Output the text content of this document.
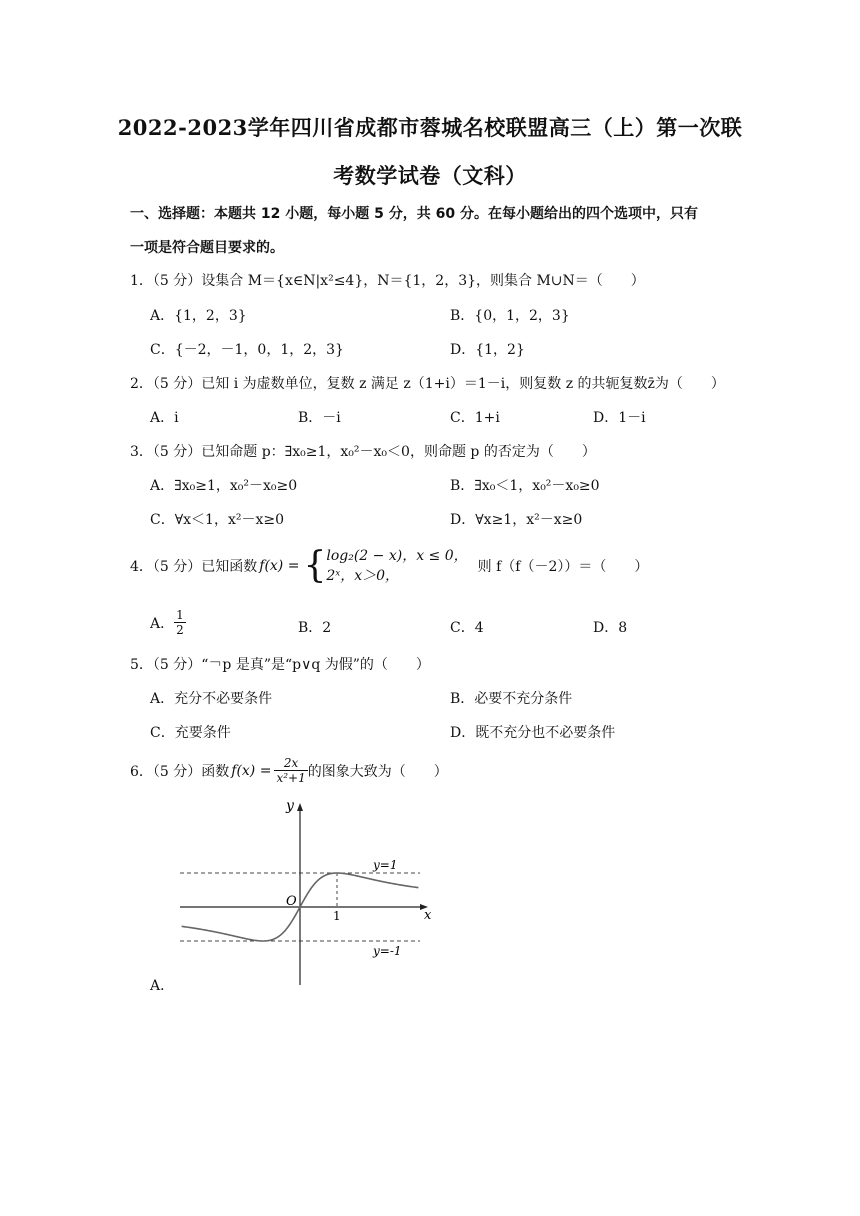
2022-2023学年四川省成都市蓉城名校联盟高三（上）第一次联
考数学试卷（文科）
一、选择题：本题共 12 小题，每小题 5 分，共 60 分。在每小题给出的四个选项中，只有
一项是符合题目要求的。
1．（5 分）设集合 M＝{x∈N|x²≤4}，N＝{1，2，3}，则集合 M∪N＝（　　）
A．{1，2，3}	B．{0，1，2，3}
C．{－2，－1，0，1，2，3}	D．{1，2}
2．（5 分）已知 i 为虚数单位，复数 z 满足 z（1+i）＝1－i，则复数 z 的共轭复数z̄为（　　）
A．i	B．－i	C．1+i	D．1－i
3．（5 分）已知命题 p：∃x₀≥1，x₀²－x₀＜0，则命题 p 的否定为（　　）
A．∃x₀≥1，x₀²－x₀≥0	B．∃x₀＜1，x₀²－x₀≥0
C．∀x＜1，x²－x≥0	D．∀x≥1，x²－x≥0
4．（5 分）已知函数 f(x) = { log₂(2 − x)，x ≤ 0，
2ˣ，x＞0，
则 f（f（－2））＝（　　）
A． $\frac{1}{2}$	B．2	C．4	D．8
5．（5 分）“￢p 是真”是“p∨q 为假”的（　　）
A．充分不必要条件	B．必要不充分条件
C．充要条件	D．既不充分也不必要条件
6．（5 分）函数 $f(x) = \frac{2x}{\text{x²+1}}$ 的图象大致为（　　）
y
x
O
1
y=1
y=-1
A．
